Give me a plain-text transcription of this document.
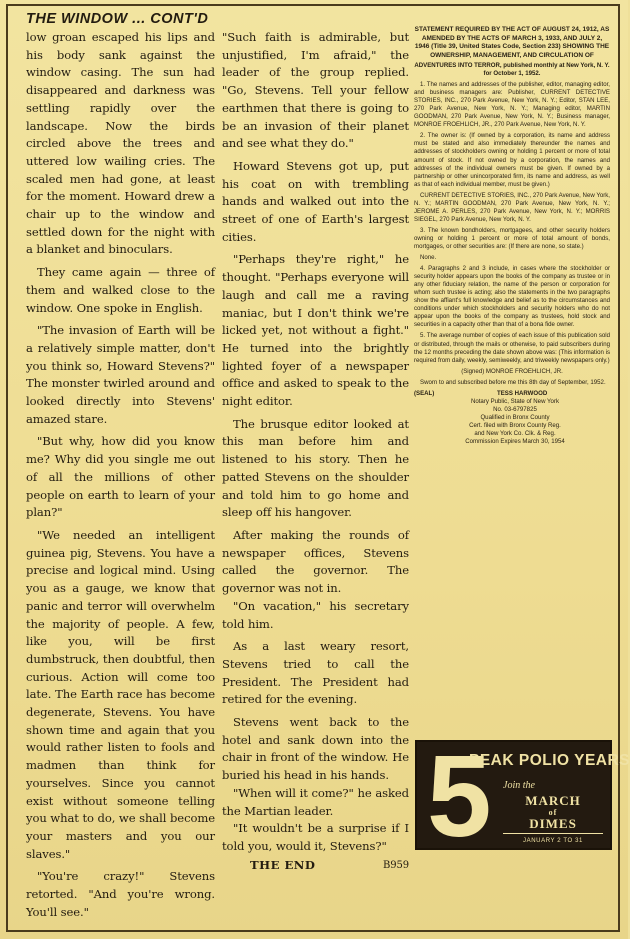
THE WINDOW ... CONT'D

low groan escaped his lips and his body sank against the window casing. The sun had disappeared and darkness was settling rapidly over the landscape. Now the birds circled above the trees and uttered low wailing cries. The scaled men had gone, at least for the moment. Howard drew a chair up to the window and settled down for the night with a blanket and binoculars.

They came again — three of them and walked close to the window. One spoke in English.

"The invasion of Earth will be a relatively simple matter, don't you think so, Howard Stevens?" The monster twirled around and looked directly into Stevens' amazed stare.

"But why, how did you know me? Why did you single me out of all the millions of other people on earth to learn of your plan?"

"We needed an intelligent guinea pig, Stevens. You have a precise and logical mind. Using you as a gauge, we know that panic and terror will overwhelm the majority of people. A few, like you, will be first dumbstruck, then doubtful, then curious. Action will come too late. The Earth race has become degenerate, Stevens. You have shown time and again that you would rather listen to fools and madmen than think for yourselves. Since you cannot exist without someone telling you what to do, we shall become your masters and you our slaves."

"You're crazy!" Stevens retorted. "And you're wrong. You'll see."

"Such faith is admirable, but unjustified, I'm afraid," the leader of the group replied. "Go, Stevens. Tell your fellow earthmen that there is going to be an invasion of their planet and see what they do."

Howard Stevens got up, put his coat on with trembling hands and walked out into the street of one of Earth's largest cities.

"Perhaps they're right," he thought. "Perhaps everyone will laugh and call me a raving maniac, but I don't think we're licked yet, not without a fight." He turned into the brightly lighted foyer of a newspaper office and asked to speak to the night editor.

The brusque editor looked at this man before him and listened to his story. Then he patted Stevens on the shoulder and told him to go home and sleep off his hangover.

After making the rounds of newspaper offices, Stevens called the governor. The governor was not in.

"On vacation," his secretary told him.

As a last weary resort, Stevens tried to call the President. The President had retired for the evening.

Stevens went back to the hotel and sank down into the chair in front of the window. He buried his head in his hands.

"When will it come?" he asked the Martian leader.

"It wouldn't be a surprise if I told you, would it, Stevens?"

THE END	B959
STATEMENT REQUIRED BY THE ACT OF AUGUST 24, 1912, AS AMENDED BY THE ACTS OF MARCH 3, 1933, AND JULY 2, 1946 (Title 39, United States Code, Section 233) SHOWING THE OWNERSHIP, MANAGEMENT, AND CIRCULATION OF

ADVENTURES INTO TERROR, published monthly at New York, N. Y. for October 1, 1952.

1. The names and addresses of the publisher, editor, managing editor, and business managers are: Publisher, CURRENT DETECTIVE STORIES, INC., 270 Park Avenue, New York, N. Y.; Editor, STAN LEE, 270 Park Avenue, New York, N. Y.; Managing editor, MARTIN GOODMAN, 270 Park Avenue, New York, N. Y.; Business manager, MONROE FROEHLICH, JR., 270 Park Avenue, New York, N. Y.

2. The owner is: (If owned by a corporation, its name and address must be stated and also immediately thereunder the names and addresses of stockholders owning or holding 1 percent or more of total amount of stock. If not owned by a corporation, the names and addresses of the individual owners must be given. If owned by a partnership or other unincorporated firm, its name and address, as well as that of each individual member, must be given.)

CURRENT DETECTIVE STORIES, INC., 270 Park Avenue, New York, N. Y.; MARTIN GOODMAN, 270 Park Avenue, New York, N. Y.; JEROME A. PERLES, 270 Park Avenue, New York, N. Y.; MORRIS SIEGEL, 270 Park Avenue, New York, N. Y.

3. The known bondholders, mortgagees, and other security holders owning or holding 1 percent or more of total amount of bonds, mortgages, or other securities are: (If there are none, so state.)

None.

4. Paragraphs 2 and 3 include, in cases where the stockholder or security holder appears upon the books of the company as trustee or in any other fiduciary relation, the name of the person or corporation for whom such trustee is acting; also the statements in the two paragraphs show the affiant's full knowledge and belief as to the circumstances and conditions under which stockholders and security holders who do not appear upon the books of the company as trustees, hold stock and securities in a capacity other than that of a bona fide owner.

5. The average number of copies of each issue of this publication sold or distributed, through the mails or otherwise, to paid subscribers during the 12 months preceding the date shown above was: (This information is required from daily, weekly, semiweekly, and triweekly newspapers only.)

(Signed) MONROE FROEHLICH, JR.

Sworn to and subscribed before me this 8th day of September, 1952.

(SEAL)	TESS HARWOOD

Notary Public, State of New York

No. 03-6797825

Qualified in Bronx County

Cert. filed with Bronx County Reg.

and New York Co. Clk. & Reg.

Commission Expires March 30, 1954

5
PEAK POLIO YEARS
Join the
MARCH
of
DIMES
JANUARY 2 TO 31
